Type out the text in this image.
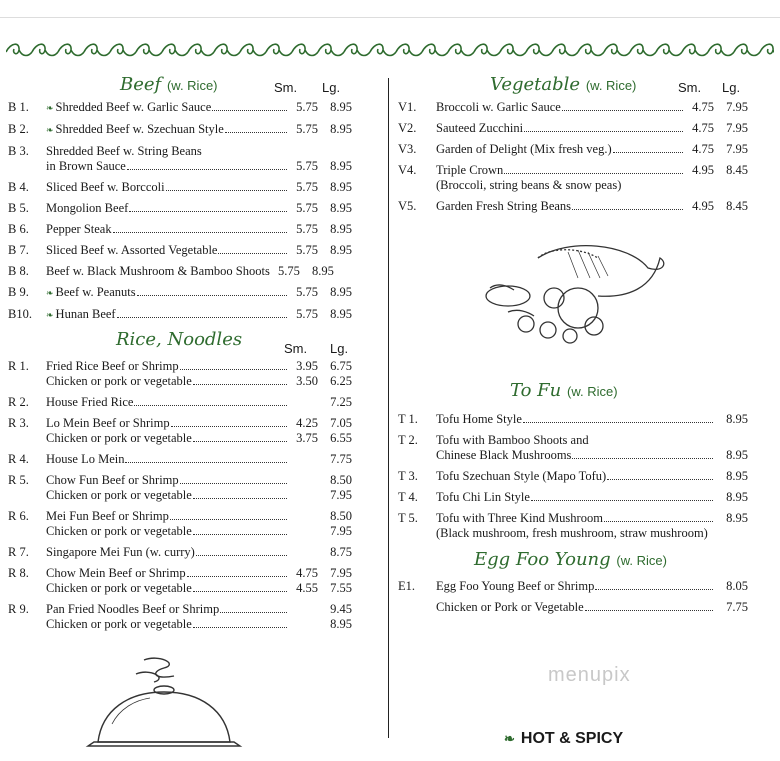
Beef (w. Rice)	Sm. Lg.
B 1.	❧ Shredded Beef w. Garlic Sauce	5.75 8.95
B 2.	❧ Shredded Beef w. Szechuan Style	5.75 8.95
B 3.	Shredded Beef w. String Beans
in Brown Sauce	5.75 8.95
B 4.	Sliced Beef w. Borccoli	5.75 8.95
B 5.	Mongolion Beef	5.75 8.95
B 6.	Pepper Steak	5.75 8.95
B 7.	Sliced Beef w. Assorted Vegetable	5.75 8.95
B 8.	Beef w. Black Mushroom & Bamboo Shoots 5.75 8.95
B 9.	❧ Beef w. Peanuts	5.75 8.95
B10.	❧ Hunan Beef	5.75 8.95
Rice, Noodles	Sm. Lg.
R 1.	Fried Rice Beef or Shrimp	3.95 6.75
Chicken or pork or vegetable	3.50 6.25
R 2.	House Fried Rice	7.25
R 3.	Lo Mein Beef or Shrimp	4.25 7.05
Chicken or pork or vegetable	3.75 6.55
R 4.	House Lo Mein	7.75
R 5.	Chow Fun Beef or Shrimp	8.50
Chicken or pork or vegetable	7.95
R 6.	Mei Fun Beef or Shrimp	8.50
Chicken or pork or vegetable	7.95
R 7.	Singapore Mei Fun (w. curry)	8.75
R 8.	Chow Mein Beef or Shrimp	4.75 7.95
Chicken or pork or vegetable	4.55 7.55
R 9.	Pan Fried Noodles Beef or Shrimp	9.45
Chicken or pork or vegetable	8.95
Vegetable (w. Rice)	Sm. Lg.
V1.	Broccoli w. Garlic Sauce	4.75 7.95
V2.	Sauteed Zucchini	4.75 7.95
V3.	Garden of Delight (Mix fresh veg.)	4.75 7.95
V4.	Triple Crown	4.95 8.45
(Broccoli, string beans & snow peas)
V5.	Garden Fresh String Beans	4.95 8.45
To Fu (w. Rice)
T 1.	Tofu Home Style	8.95
T 2.	Tofu with Bamboo Shoots and
Chinese Black Mushrooms	8.95
T 3.	Tofu Szechuan Style (Mapo Tofu)	8.95
T 4.	Tofu Chi Lin Style	8.95
T 5.	Tofu with Three Kind Mushroom	8.95
(Black mushroom, fresh mushroom, straw mushroom)
Egg Foo Young (w. Rice)
E1.	Egg Foo Young Beef or Shrimp	8.05
Chicken or Pork or Vegetable	7.75
menupix
❧ HOT & SPICY
